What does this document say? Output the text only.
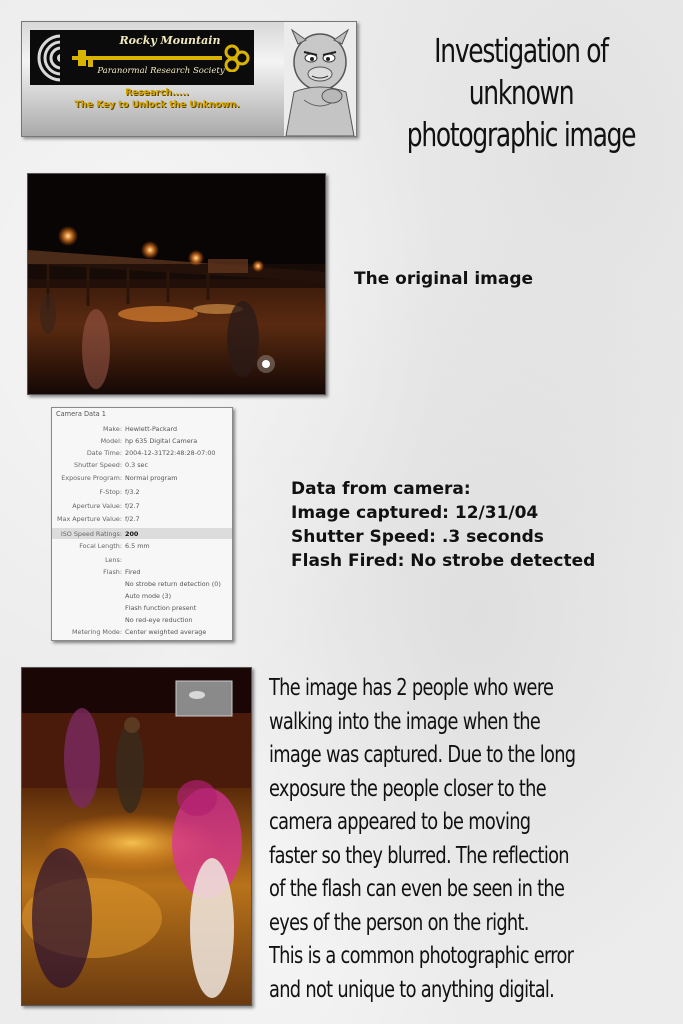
Rocky Mountain
Paranormal Research Society
Research.....
The Key to Unlock the Unknown.
Investigation of unknown
photographic image
The original image
Camera Data 1
Make: Hewlett-Packard
Model: hp 635 Digital Camera
Date Time: 2004-12-31T22:48:28-07:00
Shutter Speed: 0.3 sec
Exposure Program: Normal program
F-Stop: f/3.2
Aperture Value: f/2.7
Max Aperture Value: f/2.7
ISO Speed Ratings: 200
Focal Length: 6.5 mm
Lens:
Flash: Fired
No strobe return detection (0)
Auto mode (3)
Flash function present
No red-eye reduction
Metering Mode: Center weighted average
Data from camera:
Image captured: 12/31/04
Shutter Speed: .3 seconds
Flash Fired: No strobe detected
The image has 2 people who were
walking into the image when the
image was captured. Due to the long
exposure the people closer to the
camera appeared to be moving
faster so they blurred. The reflection
of the flash can even be seen in the
eyes of the person on the right.
This is a common photographic error
and not unique to anything digital.
